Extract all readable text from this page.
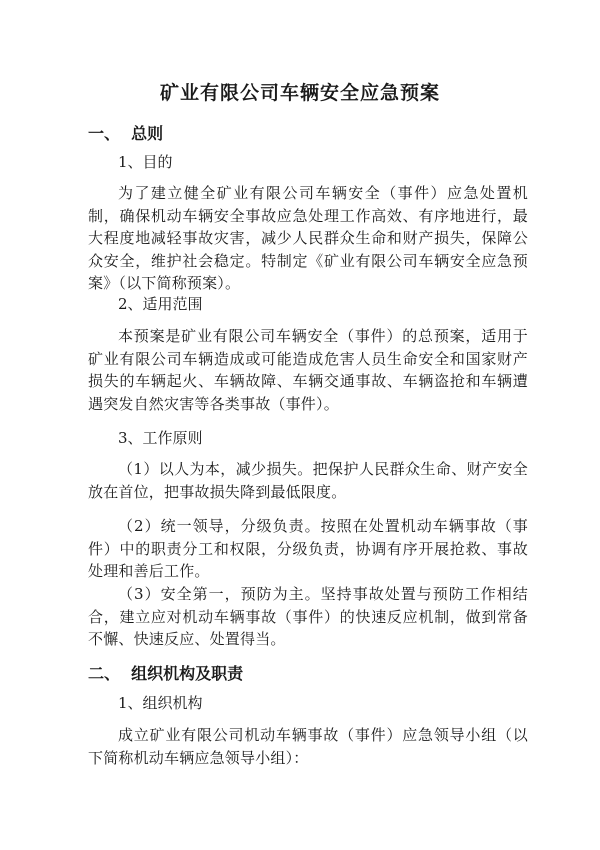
矿业有限公司车辆安全应急预案
一、  总则
1、目的

为了建立健全矿业有限公司车辆安全（事件）应急处置机制，确保机动车辆安全事故应急处理工作高效、有序地进行，最大程度地减轻事故灾害，减少人民群众生命和财产损失，保障公众安全，维护社会稳定。特制定《矿业有限公司车辆安全应急预案》（以下简称预案）。

2、适用范围

本预案是矿业有限公司车辆安全（事件）的总预案，适用于矿业有限公司车辆造成或可能造成危害人员生命安全和国家财产损失的车辆起火、车辆故障、车辆交通事故、车辆盗抢和车辆遭遇突发自然灾害等各类事故（事件）。

3、工作原则

（1）以人为本，减少损失。把保护人民群众生命、财产安全放在首位，把事故损失降到最低限度。

（2）统一领导，分级负责。按照在处置机动车辆事故（事件）中的职责分工和权限，分级负责，协调有序开展抢救、事故处理和善后工作。

（3）安全第一，预防为主。坚持事故处置与预防工作相结合，建立应对机动车辆事故（事件）的快速反应机制，做到常备不懈、快速反应、处置得当。

二、  组织机构及职责
1、组织机构

成立矿业有限公司机动车辆事故（事件）应急领导小组（以下简称机动车辆应急领导小组）：
